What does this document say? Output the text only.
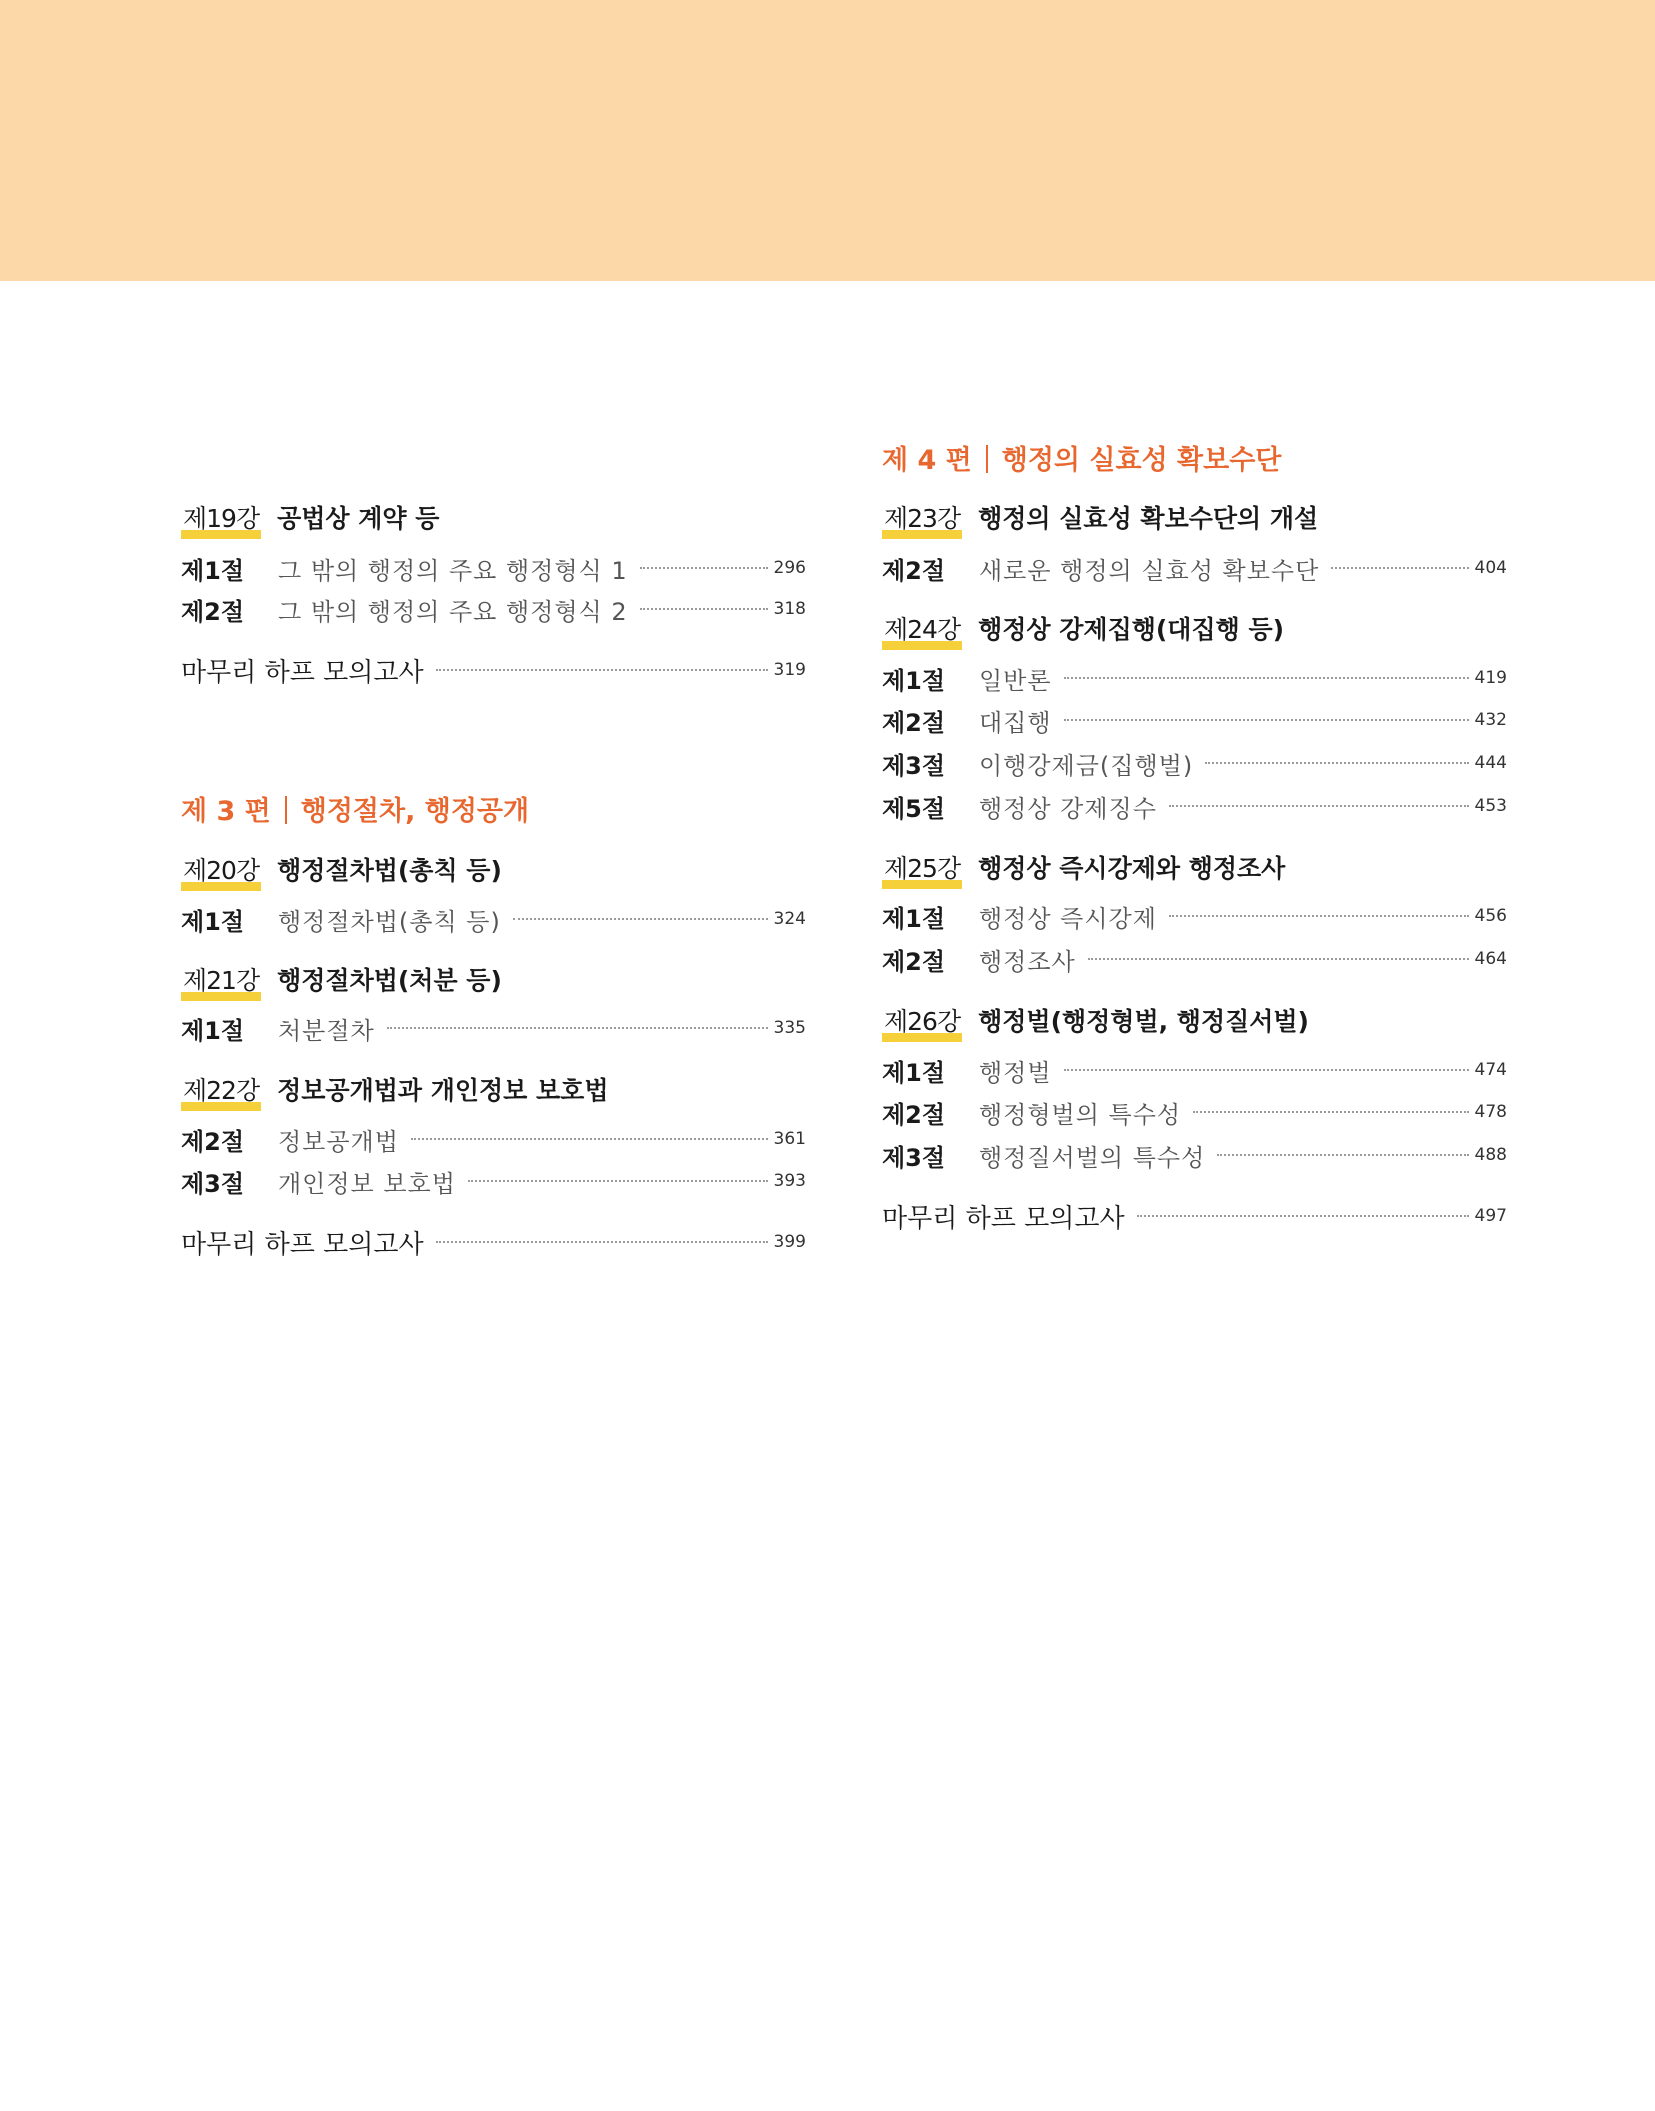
제19강 공법상 계약 등
제1절	그 밖의 행정의 주요 행정형식 1	296
제2절	그 밖의 행정의 주요 행정형식 2	318
마무리 하프 모의고사	319
제 3 편 행정절차, 행정공개
제20강 행정절차법(총칙 등)
제1절	행정절차법(총칙 등)	324
제21강 행정절차법(처분 등)
제1절	처분절차	335
제22강 정보공개법과 개인정보 보호법
제2절	정보공개법	361
제3절	개인정보 보호법	393
마무리 하프 모의고사	399
제 4 편 행정의 실효성 확보수단
제23강 행정의 실효성 확보수단의 개설
제2절	새로운 행정의 실효성 확보수단	404
제24강 행정상 강제집행(대집행 등)
제1절	일반론	419
제2절	대집행	432
제3절	이행강제금(집행벌)	444
제5절	행정상 강제징수	453
제25강 행정상 즉시강제와 행정조사
제1절	행정상 즉시강제	456
제2절	행정조사	464
제26강 행정벌(행정형벌, 행정질서벌)
제1절	행정벌	474
제2절	행정형벌의 특수성	478
제3절	행정질서벌의 특수성	488
마무리 하프 모의고사	497
